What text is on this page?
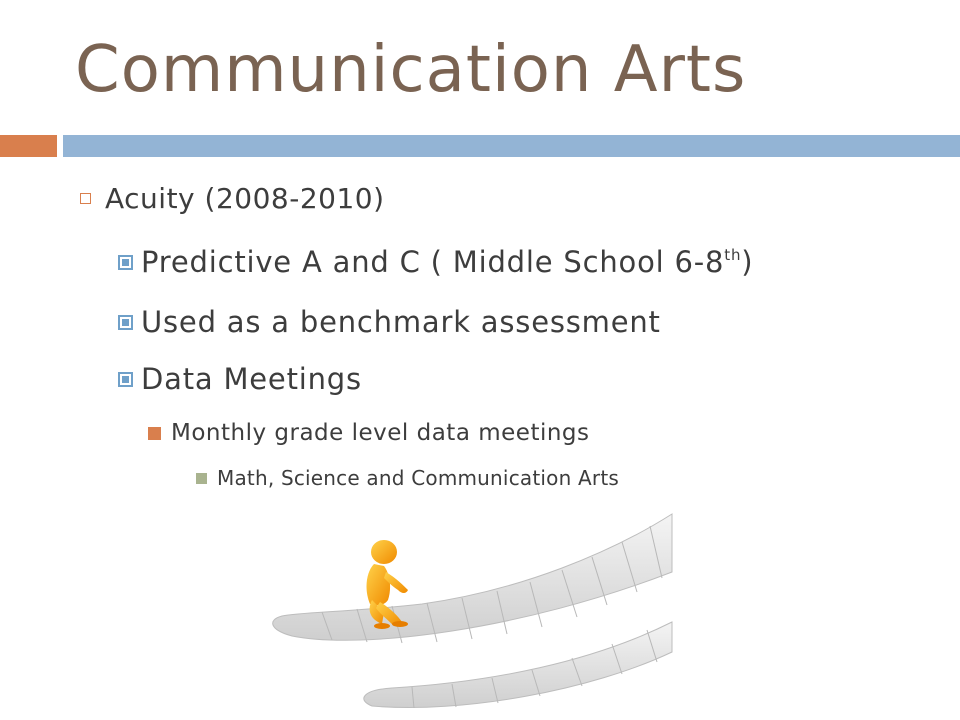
Communication Arts
Acuity (2008-2010)
Predictive A and C ( Middle School 6-8th)
Used as a benchmark assessment
Data Meetings
Monthly grade level data meetings
Math, Science and Communication Arts
